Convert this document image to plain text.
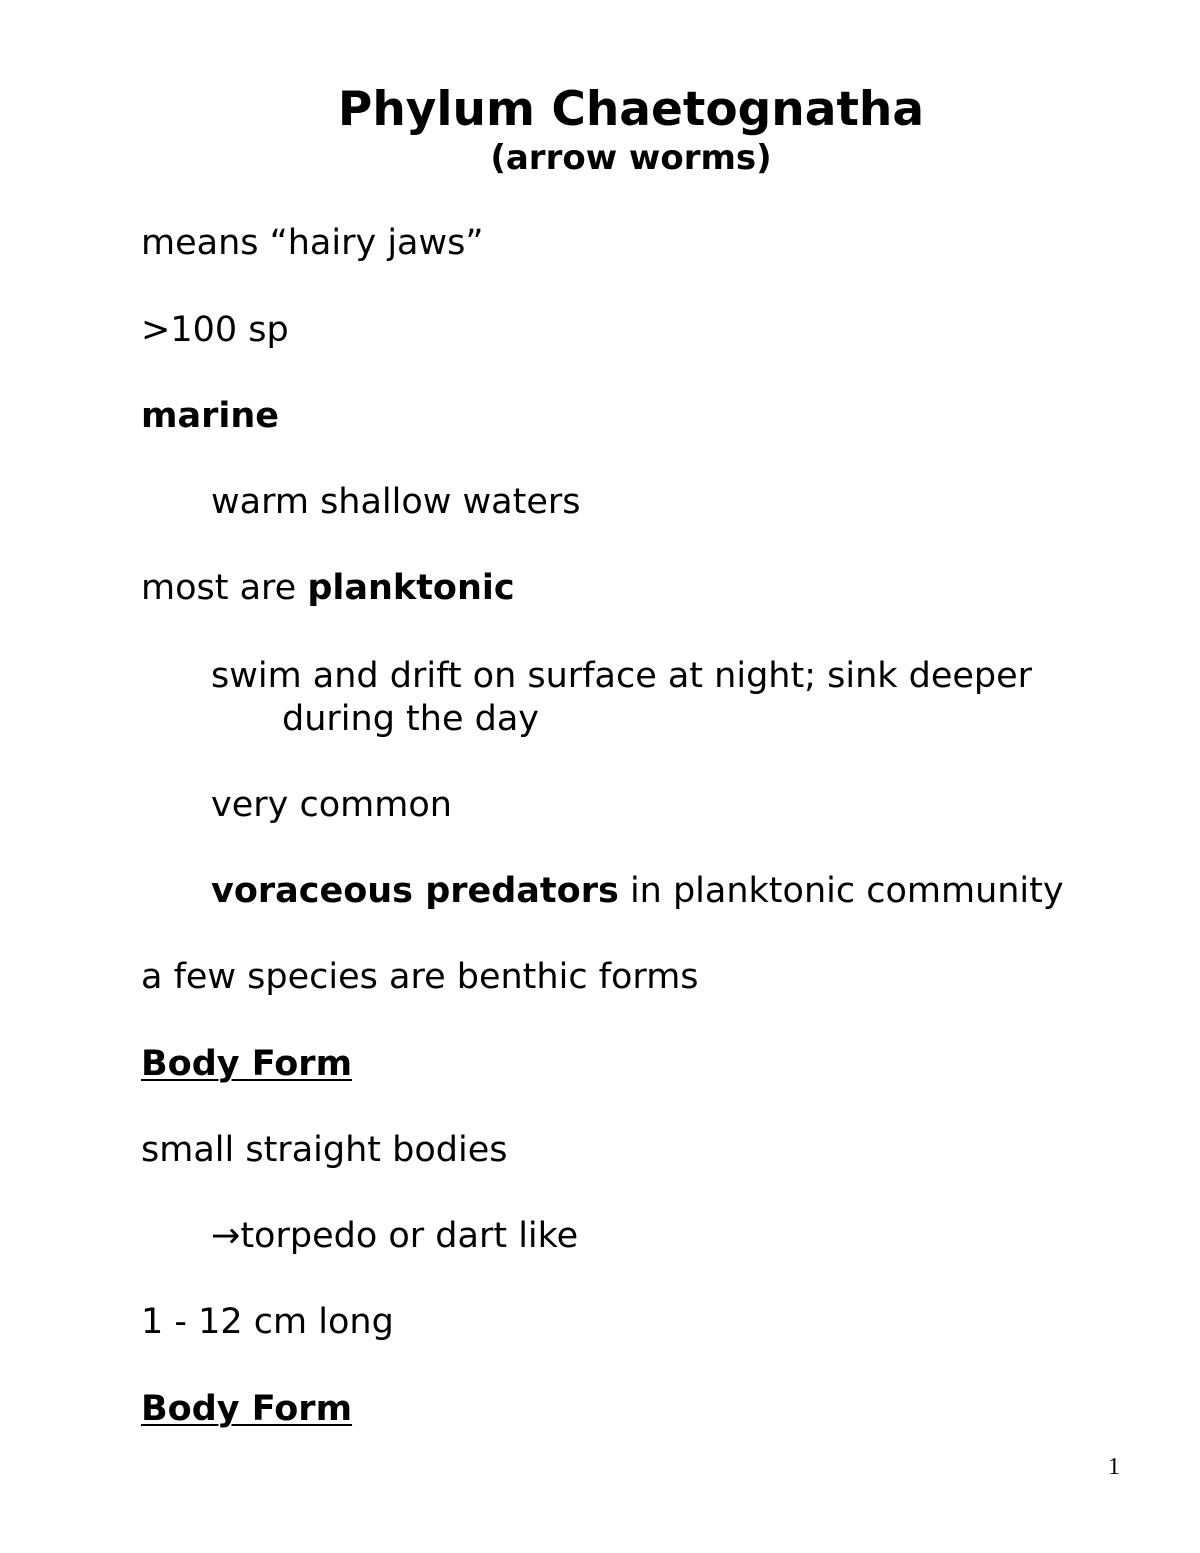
Phylum Chaetognatha
(arrow worms)
means “hairy jaws”
>100 sp
marine
warm shallow waters
most are planktonic
swim and drift on surface at night; sink deeper
during the day
very common
voraceous predators in planktonic community
a few species are benthic forms
Body Form
small straight bodies
→torpedo or dart like
1 - 12 cm long
Body Form
1
